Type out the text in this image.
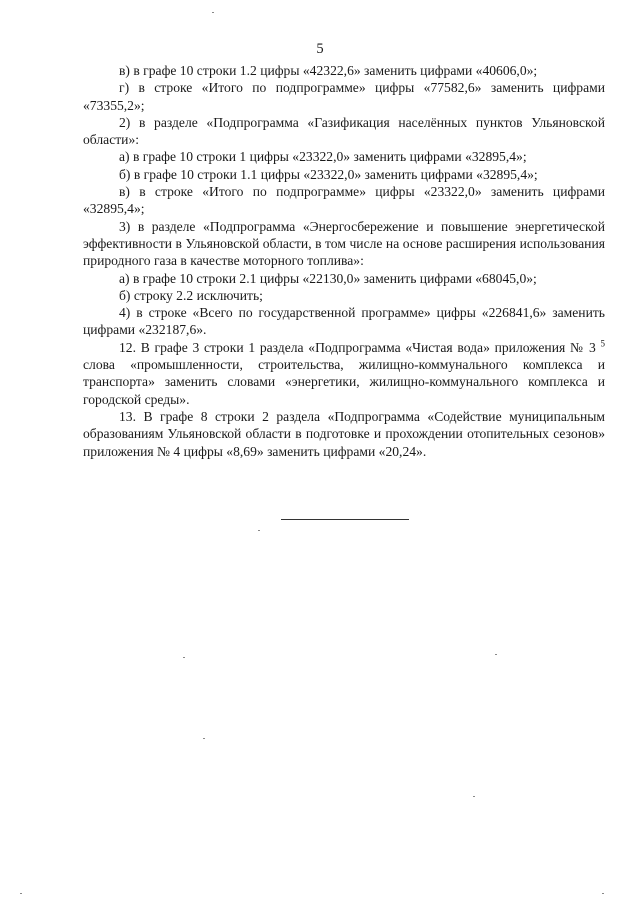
5

в) в графе 10 строки 1.2 цифры «42322,6» заменить цифрами «40606,0»;

г) в строке «Итого по подпрограмме» цифры «77582,6» заменить цифрами «73355,2»;

2) в разделе «Подпрограмма «Газификация населённых пунктов Ульяновской области»:

а) в графе 10 строки 1 цифры «23322,0» заменить цифрами «32895,4»;

б) в графе 10 строки 1.1 цифры «23322,0» заменить цифрами «32895,4»;

в) в строке «Итого по подпрограмме» цифры «23322,0» заменить цифрами «32895,4»;

3) в разделе «Подпрограмма «Энергосбережение и повышение энергетической эффективности в Ульяновской области, в том числе на основе расширения использования природного газа в качестве моторного топлива»:

а) в графе 10 строки 2.1 цифры «22130,0» заменить цифрами «68045,0»;

б) строку 2.2 исключить;

4) в строке «Всего по государственной программе» цифры «226841,6» заменить цифрами «232187,6».

12. В графе 3 строки 1 раздела «Подпрограмма «Чистая вода» приложения № 3 $^5$ слова «промышленности, строительства, жилищно-коммунального комплекса и транспорта» заменить словами «энергетики, жилищно-коммунального комплекса и городской среды».

13. В графе 8 строки 2 раздела «Подпрограмма «Содействие муниципальным образованиям Ульяновской области в подготовке и прохождении отопительных сезонов» приложения № 4 цифры «8,69» заменить цифрами «20,24».
